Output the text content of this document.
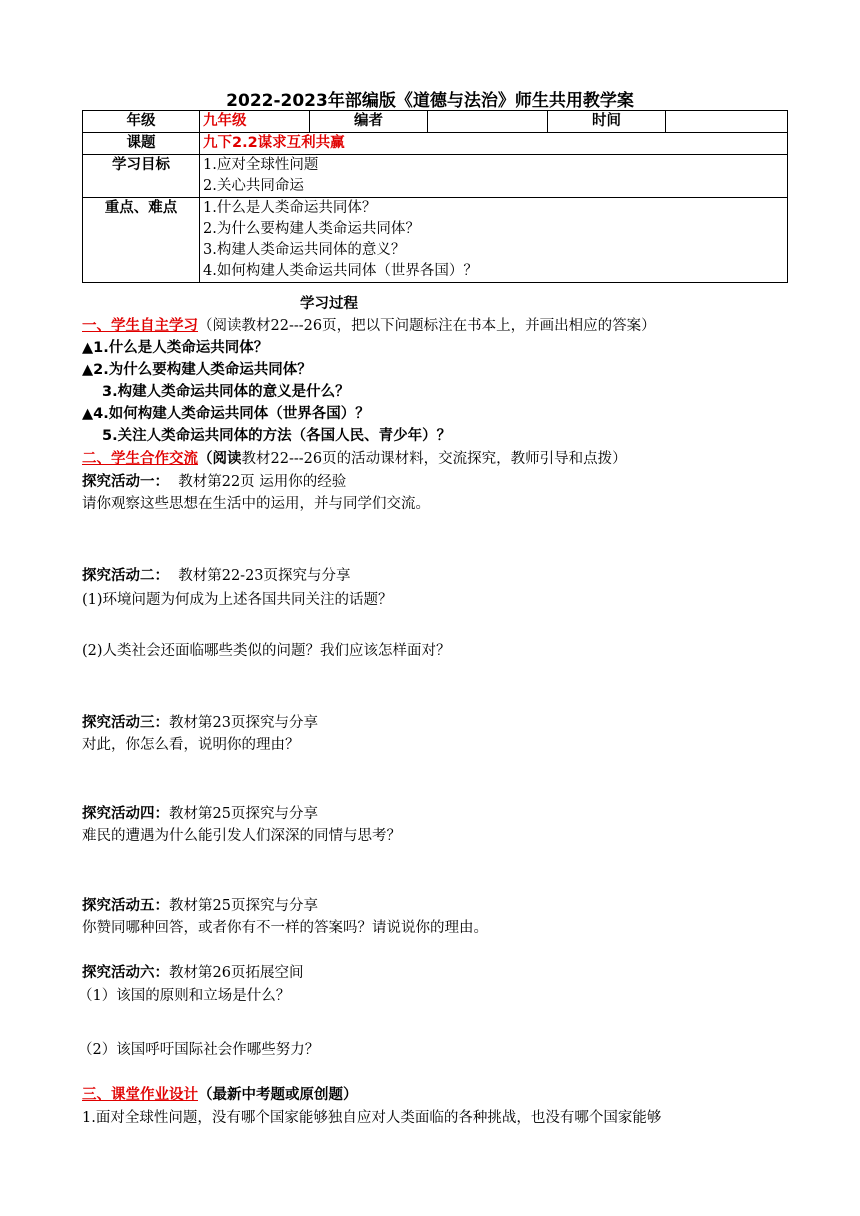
2022-2023年部编版《道德与法治》师生共用教学案
年级	九年级	编者		时间	
课题	九下2.2谋求互利共赢				
学习目标	1.应对全球性问题
2.关心共同命运				

重点、难点	1.什么是人类命运共同体？
2.为什么要构建人类命运共同体？
3.构建人类命运共同体的意义？
4.如何构建人类命运共同体（世界各国）？				
学习过程
一、学生自主学习（阅读教材22---26页，把以下问题标注在书本上，并画出相应的答案）
▲1.什么是人类命运共同体？
▲2.为什么要构建人类命运共同体？
3.构建人类命运共同体的意义是什么？
▲4.如何构建人类命运共同体（世界各国）？
5.关注人类命运共同体的方法（各国人民、青少年）？
二、学生合作交流（阅读教材22---26页的活动课材料，交流探究，教师引导和点拨）
探究活动一： 教材第22页 运用你的经验
请你观察这些思想在生活中的运用，并与同学们交流。
探究活动二： 教材第22-23页探究与分享
(1)环境问题为何成为上述各国共同关注的话题？
(2)人类社会还面临哪些类似的问题？我们应该怎样面对？
探究活动三：教材第23页探究与分享
对此，你怎么看，说明你的理由？
探究活动四：教材第25页探究与分享
难民的遭遇为什么能引发人们深深的同情与思考？
探究活动五：教材第25页探究与分享
你赞同哪种回答，或者你有不一样的答案吗？请说说你的理由。
探究活动六：教材第26页拓展空间
（1）该国的原则和立场是什么？
（2）该国呼吁国际社会作哪些努力？
三、课堂作业设计（最新中考题或原创题）
1.面对全球性问题，没有哪个国家能够独自应对人类面临的各种挑战，也没有哪个国家能够
